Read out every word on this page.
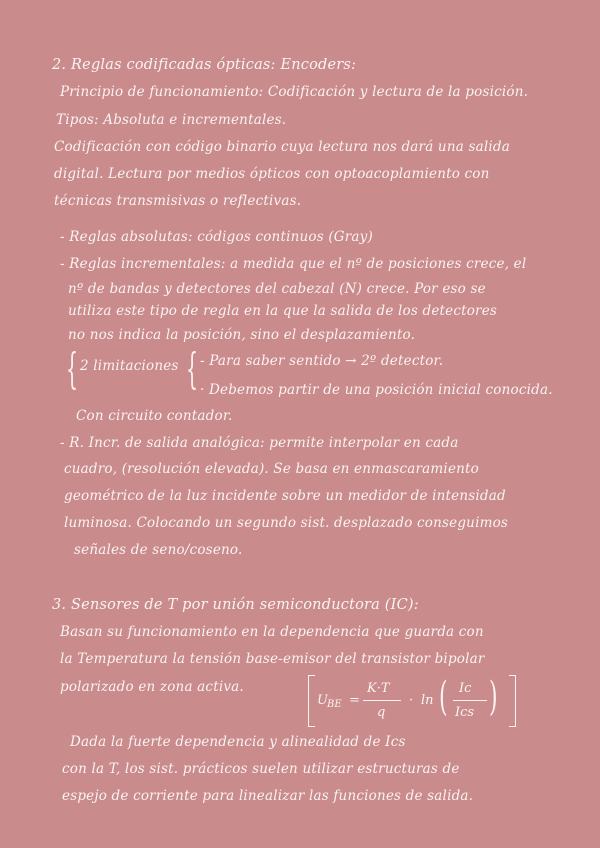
2. Reglas codificadas ópticas: Encoders:
Principio de funcionamiento: Codificación y lectura de la posición.
Tipos: Absoluta e incrementales.
Codificación con código binario cuya lectura nos dará una salida
digital. Lectura por medios ópticos con optoacoplamiento con
técnicas transmisivas o reflectivas.
- Reglas absolutas: códigos continuos (Gray)
- Reglas incrementales: a medida que el nº de posiciones crece, el
nº de bandas y detectores del cabezal (N) crece. Por eso se
utiliza este tipo de regla en la que la salida de los detectores
no nos indica la posición, sino el desplazamiento.
{ 2 limitaciones { - Para saber sentido → 2º detector.
· Debemos partir de una posición inicial conocida.
Con circuito contador.
- R. Incr. de salida analógica: permite interpolar en cada
cuadro, (resolución elevada). Se basa en enmascaramiento
geométrico de la luz incidente sobre un medidor de intensidad
luminosa. Colocando un segundo sist. desplazado conseguimos
señales de seno/coseno.
3. Sensores de T por unión semiconductora (IC):
Basan su funcionamiento en la dependencia que guarda con
la Temperatura la tensión base-emisor del transistor bipolar
polarizado en zona activa.
U BE =
K·T
q
· ln ( Ic
Ics )
Dada la fuerte dependencia y alinealidad de Ics
con la T, los sist. prácticos suelen utilizar estructuras de
espejo de corriente para linealizar las funciones de salida.
